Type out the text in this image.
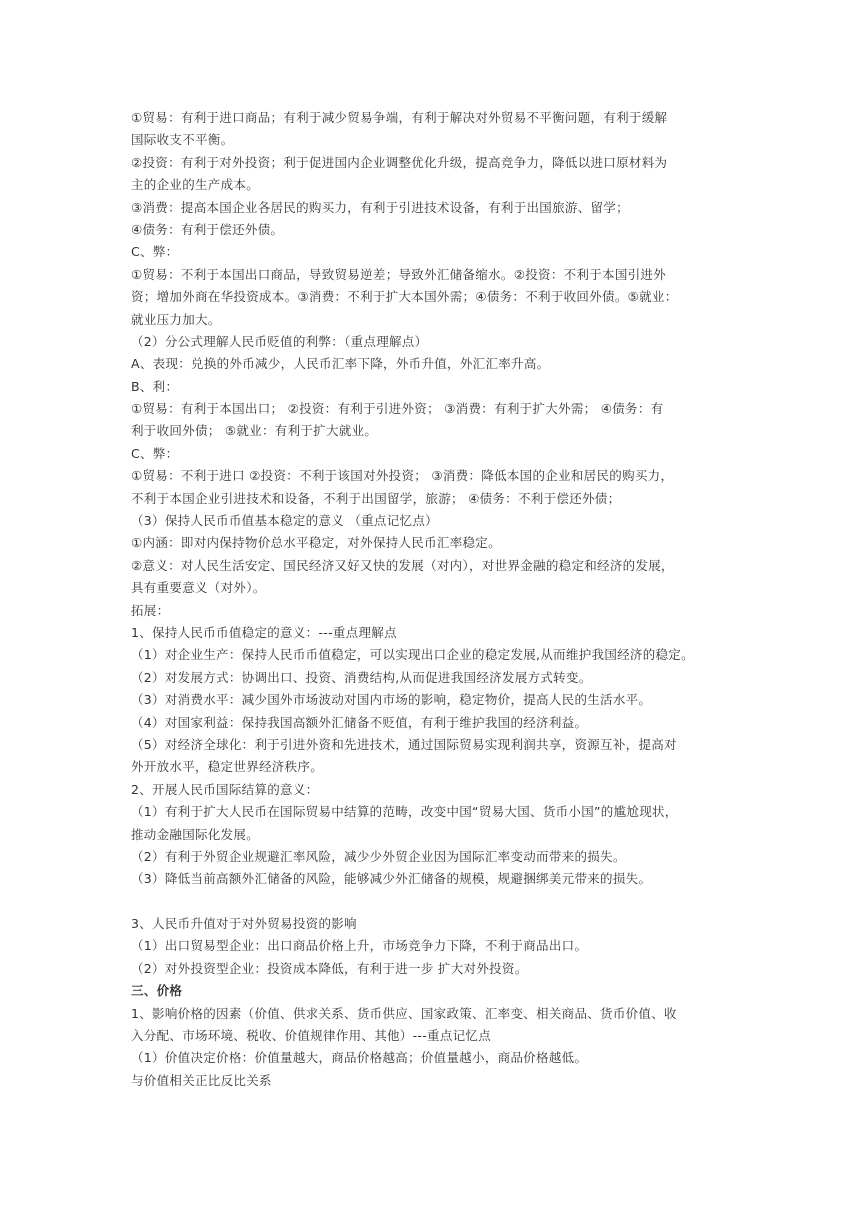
①贸易：有利于进口商品；有利于减少贸易争端，有利于解决对外贸易不平衡问题，有利于缓解
国际收支不平衡。
②投资：有利于对外投资；利于促进国内企业调整优化升级，提高竞争力，降低以进口原材料为
主的企业的生产成本。
③消费：提高本国企业各居民的购买力，有利于引进技术设备，有利于出国旅游、留学；
④债务：有利于偿还外债。
C、弊：
①贸易：不利于本国出口商品，导致贸易逆差；导致外汇储备缩水。②投资：不利于本国引进外
资；增加外商在华投资成本。③消费：不利于扩大本国外需；④债务：不利于收回外债。⑤就业：
就业压力加大。
（2）分公式理解人民币贬值的利弊：（重点理解点）
A、表现：兑换的外币减少，人民币汇率下降，外币升值，外汇汇率升高。
B、利：
①贸易：有利于本国出口； ②投资：有利于引进外资； ③消费：有利于扩大外需； ④债务：有
利于收回外债； ⑤就业：有利于扩大就业。
C、弊：
①贸易：不利于进口 ②投资：不利于该国对外投资； ③消费：降低本国的企业和居民的购买力，
不利于本国企业引进技术和设备，不利于出国留学，旅游； ④债务：不利于偿还外债；
（3）保持人民币币值基本稳定的意义 （重点记忆点）
①内涵：即对内保持物价总水平稳定，对外保持人民币汇率稳定。
②意义：对人民生活安定、国民经济又好又快的发展（对内），对世界金融的稳定和经济的发展，
具有重要意义（对外）。
拓展：
1、保持人民币币值稳定的意义：---重点理解点
（1）对企业生产：保持人民币币值稳定，可以实现出口企业的稳定发展,从而维护我国经济的稳定。
（2）对发展方式：协调出口、投资、消费结构,从而促进我国经济发展方式转变。
（3）对消费水平：减少国外市场波动对国内市场的影响，稳定物价，提高人民的生活水平。
（4）对国家利益：保持我国高额外汇储备不贬值，有利于维护我国的经济利益。
（5）对经济全球化：利于引进外资和先进技术，通过国际贸易实现利润共享，资源互补，提高对
外开放水平，稳定世界经济秩序。
2、开展人民币国际结算的意义：
（1）有利于扩大人民币在国际贸易中结算的范畴，改变中国“贸易大国、货币小国”的尴尬现状，
推动金融国际化发展。
（2）有利于外贸企业规避汇率风险，减少少外贸企业因为国际汇率变动而带来的损失。
（3）降低当前高额外汇储备的风险，能够减少外汇储备的规模，规避捆绑美元带来的损失。
3、人民币升值对于对外贸易投资的影响
（1）出口贸易型企业：出口商品价格上升，市场竞争力下降，不利于商品出口。
（2）对外投资型企业：投资成本降低，有利于进一步 扩大对外投资。
三、价格
1、影响价格的因素（价值、供求关系、货币供应、国家政策、汇率变、相关商品、货币价值、收
入分配、市场环境、税收、价值规律作用、其他）---重点记忆点
（1）价值决定价格：价值量越大，商品价格越高；价值量越小，商品价格越低。
与价值相关正比反比关系
